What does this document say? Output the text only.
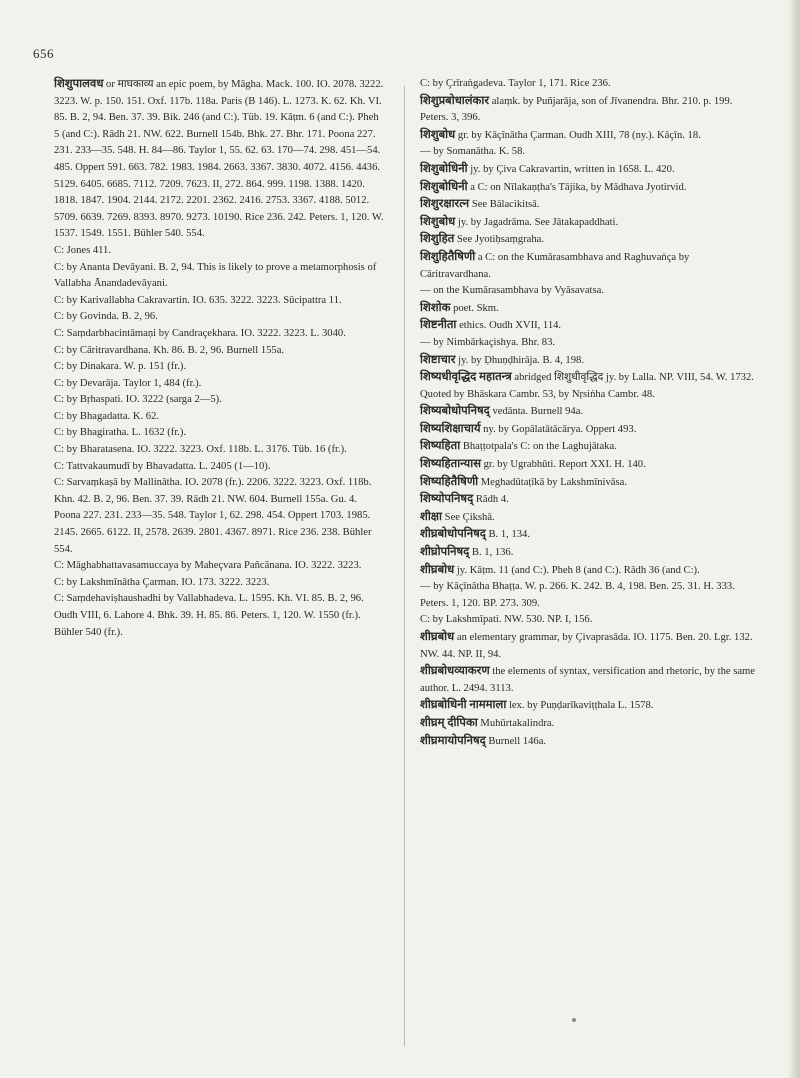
656

शिशुपालवध or माघकाव्य an epic poem, by Māgha. Mack. 100. IO. 2078. 3222. 3223. W. p. 150. 151. Oxf. 117b. 118a. Paris (B 146). L. 1273. K. 62. Kh. VI. 85. B. 2, 94. Ben. 37. 39. Bik. 246 (and C:). Tüb. 19. Kāṭm. 6 (and C:). Pheh 5 (and C:). Rādh 21. NW. 622. Burnell 154b. Bhk. 27. Bhr. 171. Poona 227. 231. 233—35. 548. H. 84—86. Taylor 1, 55. 62. 63. 170—74. 298. 451—54. 485. Oppert 591. 663. 782. 1983. 1984. 2663. 3367. 3830. 4072. 4156. 4436. 5129. 6405. 6685. 7112. 7209. 7623. II, 272. 864. 999. 1198. 1388. 1420. 1818. 1847. 1904. 2144. 2172. 2201. 2362. 2416. 2753. 3367. 4188. 5012. 5709. 6639. 7269. 8393. 8970. 9273. 10190. Rice 236. 242. Peters. 1, 120. W. 1537. 1549. 1551. Bühler 540. 554.

C: Jones 411.

C: by Ananta Devāyani. B. 2, 94. This is likely to prove a metamorphosis of Vallabha Ānandadevāyani.

C: by Karivallabha Cakravartin. IO. 635. 3222. 3223. Sūcipattra 11.

C: by Govinda. B. 2, 96.

C: Saṃdarbhacintāmaṇi by Candraçekhara. IO. 3222. 3223. L. 3040.

C: by Cāritravardhana. Kh. 86. B. 2, 96. Burnell 155a.

C: by Dinakara. W. p. 151 (fr.).

C: by Devarāja. Taylor 1, 484 (fr.).

C: by Bṛhaspati. IO. 3222 (sarga 2—5).

C: by Bhagadatta. K. 62.

C: by Bhagiratha. L. 1632 (fr.).

C: by Bharatasena. IO. 3222. 3223. Oxf. 118b. L. 3176. Tüb. 16 (fr.).

C: Tattvakaumudī by Bhavadatta. L. 2405 (1—10).

C: Sarvaṃkaṣā by Mallinātha. IO. 2078 (fr.). 2206. 3222. 3223. Oxf. 118b. Khn. 42. B. 2, 96. Ben. 37. 39. Rādh 21. NW. 604. Burnell 155a. Gu. 4. Poona 227. 231. 233—35. 548. Taylor 1, 62. 298. 454. Oppert 1703. 1985. 2145. 2665. 6122. II, 2578. 2639. 2801. 4367. 8971. Rice 236. 238. Bühler 554.

C: Māghabhattavasamuccaya by Maheçvara Pañcānana. IO. 3222. 3223.

C: by Lakshmīnātha Çarman. IO. 173. 3222. 3223.

C: Saṃdehaviṣhaushadhi by Vallabhadeva. L. 1595. Kh. VI. 85. B. 2, 96. Oudh VIII, 6. Lahore 4. Bhk. 39. H. 85. 86. Peters. 1, 120. W. 1550 (fr.). Bühler 540 (fr.).

C: by Çrīraṅgadeva. Taylor 1, 171. Rice 236.

शिशुप्रबोधालंकार alaṃk. by Puñjarāja, son of Jīvanendra. Bhr. 210. p. 199. Peters. 3, 396.

शिशुबोध gr. by Kāçīnātha Çarman. Oudh XIII, 78 (ny.). Kāçīn. 18.

— by Somanātha. K. 58.

शिशुबोधिनी jy. by Çiva Cakravartin, written in 1658. L. 420.

शिशुबोधिनी a C: on Nīlakaṇṭha's Tājika, by Mādhava Jyotirvid.

शिशुरक्षारत्न See Bālacikitsā.

शिशुबोध jy. by Jagadrāma. See Jātakapaddhati.

शिशुहित See Jyotiḥsaṃgraha.

शिशुहितैषिणी a C: on the Kumārasambhava and Raghuvaṅça by Cāritravardhana.

— on the Kumārasambhava by Vyāsavatsa.

शिशोक poet. Skm.

शिष्टनीता ethics. Oudh XVII, 114.

— by Nimbārkaçishya. Bhr. 83.

शिष्टाचार jy. by Ḍhuṇḍhirāja. B. 4, 198.

शिष्यधीवृद्धिद महातन्त्र abridged शिशुधीवृद्धिद jy. by Lalla. NP. VIII, 54. W. 1732. Quoted by Bhāskara Cambr. 53, by Nṛsiṅha Cambr. 48.

शिष्यबोधोपनिषद् vedānta. Burnell 94a.

शिष्यशिक्षाचार्य ny. by Gopālatātācārya. Oppert 493.

शिष्यहिता Bhaṭṭotpala's C: on the Laghujātaka.

शिष्यहितान्यास gr. by Ugrabhūti. Report XXI. H. 140.

शिष्यहितैषिणी Meghadūtaṭīkā by Lakshmīnivāsa.

शिष्योपनिषद् Rādh 4.

शीक्षा See Çikshā.

शीघ्रबोधोपनिषद् B. 1, 134.

शीघ्रोपनिषद् B. 1, 136.

शीघ्रबोध jy. Kāṭm. 11 (and C:). Pheh 8 (and C:). Rādh 36 (and C:).

— by Kāçīnātha Bhaṭṭa. W. p. 266. K. 242. B. 4, 198. Ben. 25. 31. H. 333. Peters. 1, 120. BP. 273. 309.

C: by Lakshmīpati. NW. 530. NP. I, 156.

शीघ्रबोध an elementary grammar, by Çivaprasāda. IO. 1175. Ben. 20. Lgr. 132. NW. 44. NP. II, 94.

शीघ्रबोधव्याकरण the elements of syntax, versification and rhetoric, by the same author. L. 2494. 3113.

शीघ्रबोधिनी नाममाला lex. by Puṇḍarīkaviṭṭhala L. 1578.

शीघ्रम् दीपिका Muhūrtakalindra.

शीघ्रमायोपनिषद् Burnell 146a.
